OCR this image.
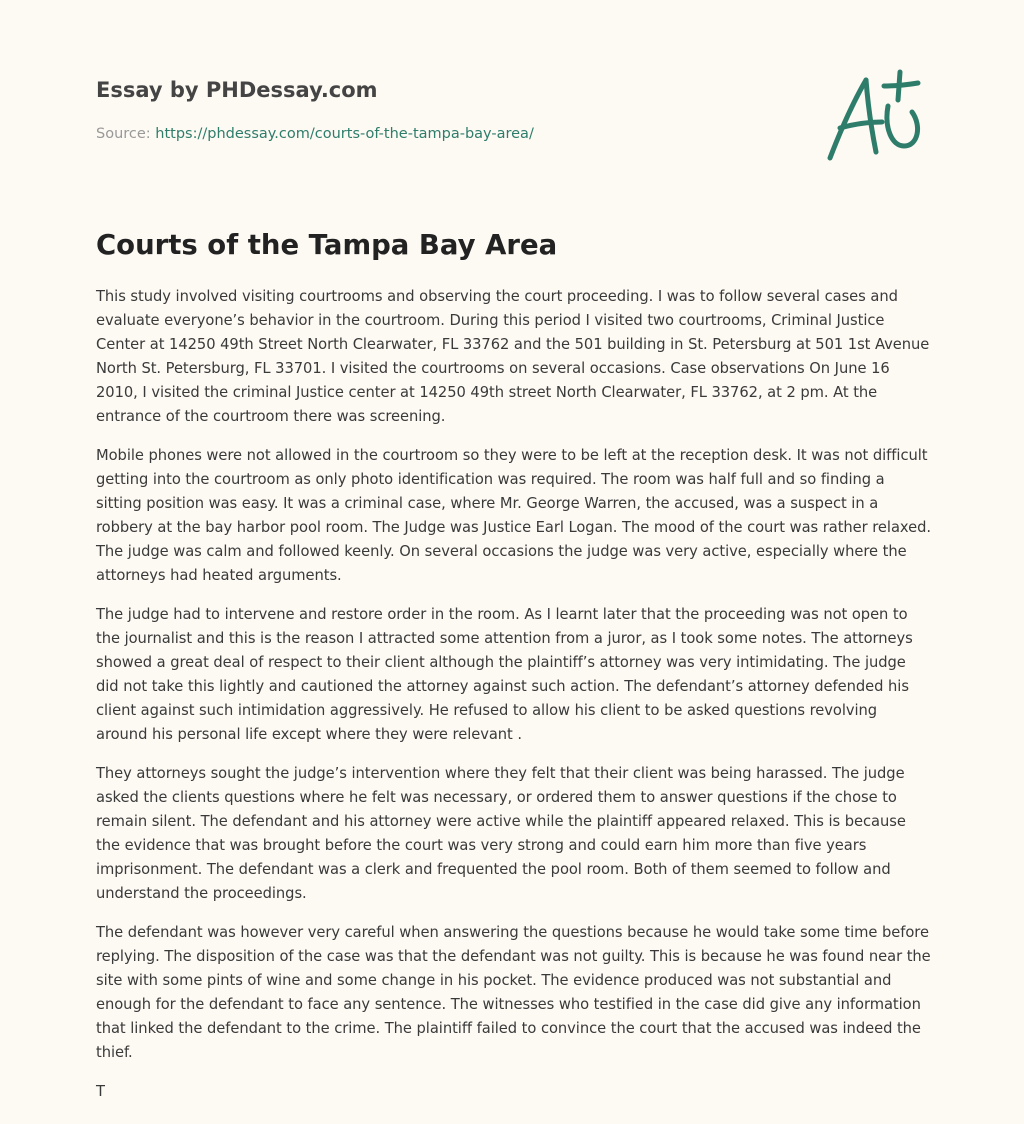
Essay by PHDessay.com
Source: https://phdessay.com/courts-of-the-tampa-bay-area/
Courts of the Tampa Bay Area

This study involved visiting courtrooms and observing the court proceeding. I was to follow several cases and evaluate everyone’s behavior in the courtroom. During this period I visited two courtrooms, Criminal Justice Center at 14250 49th Street North Clearwater, FL 33762 and the 501 building in St. Petersburg at 501 1st Avenue North St. Petersburg, FL 33701. I visited the courtrooms on several occasions. Case observations On June 16 2010, I visited the criminal Justice center at 14250 49th street North Clearwater, FL 33762, at 2 pm. At the entrance of the courtroom there was screening.

Mobile phones were not allowed in the courtroom so they were to be left at the reception desk. It was not difficult getting into the courtroom as only photo identification was required. The room was half full and so finding a sitting position was easy. It was a criminal case, where Mr. George Warren, the accused, was a suspect in a robbery at the bay harbor pool room. The Judge was Justice Earl Logan. The mood of the court was rather relaxed. The judge was calm and followed keenly. On several occasions the judge was very active, especially where the attorneys had heated arguments.

The judge had to intervene and restore order in the room. As I learnt later that the proceeding was not open to the journalist and this is the reason I attracted some attention from a juror, as I took some notes. The attorneys showed a great deal of respect to their client although the plaintiff’s attorney was very intimidating. The judge did not take this lightly and cautioned the attorney against such action. The defendant’s attorney defended his client against such intimidation aggressively. He refused to allow his client to be asked questions revolving around his personal life except where they were relevant .

They attorneys sought the judge’s intervention where they felt that their client was being harassed. The judge asked the clients questions where he felt was necessary, or ordered them to answer questions if the chose to remain silent. The defendant and his attorney were active while the plaintiff appeared relaxed. This is because the evidence that was brought before the court was very strong and could earn him more than five years imprisonment. The defendant was a clerk and frequented the pool room. Both of them seemed to follow and understand the proceedings.

The defendant was however very careful when answering the questions because he would take some time before replying. The disposition of the case was that the defendant was not guilty. This is because he was found near the site with some pints of wine and some change in his pocket. The evidence produced was not substantial and enough for the defendant to face any sentence. The witnesses who testified in the case did give any information that linked the defendant to the crime. The plaintiff failed to convince the court that the accused was indeed the thief.

T
